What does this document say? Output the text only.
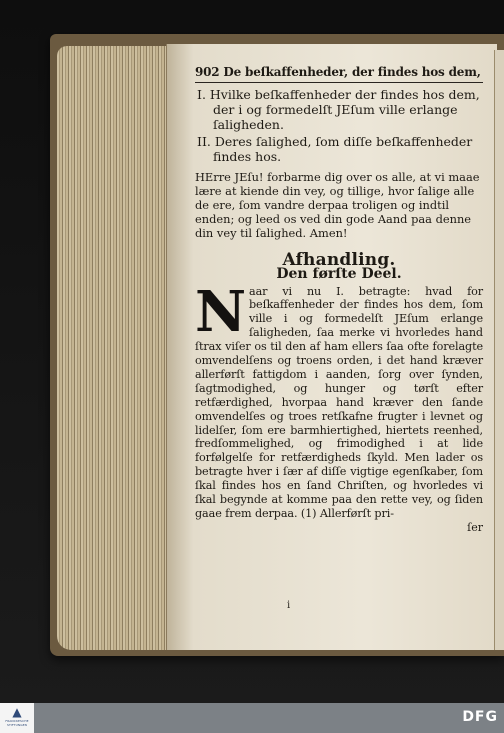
902 De beſkaffenheder, der findes hos dem,

I. Hvilke beſkaffenheder der findes hos dem, der i og formedelſt JEſum ville erlange ſaligheden.

II. Deres ſalighed, ſom diſſe beſkaffenheder findes hos.

HErre JEſu! forbarme dig over os alle, at vi maae lære at kiende din vey, og tillige, hvor ſalige alle de ere, ſom vandre derpaa troligen og indtil enden; og leed os ved din gode Aand paa denne din vey til ſalighed. Amen!

Afhandling.
Den førſte Deel.
Naar vi nu I. betragte: hvad for beſkaffenheder der findes hos dem, ſom ville i og formedelſt JEſum erlange ſaligheden, ſaa merke vi hvorledes hand ſtrax viſer os til den af ham ellers ſaa ofte forelagte omvendelſens og troens orden, i det hand kræver allerførſt fattigdom i aanden, ſorg over ſynden, ſagtmodighed, og hunger og tørſt efter retfærdighed, hvorpaa hand kræver den ſande omvendelſes og troes retſkafne frugter i levnet og lidelſer, ſom ere barmhiertighed, hiertets reenhed, fredſommelighed, og frimodighed i at lide forfølgelſe for retfærdigheds ſkyld. Men lader os betragte hver i ſær af diſſe vigtige egenſkaber, ſom ſkal findes hos en ſand Chriſten, og hvorledes vi ſkal begynde at komme paa den rette vey, og ſiden gaae frem derpaa. (1) Allerførſt pri-
ſer
i
▲
FRANCKESCHE STIFTUNGEN	DFG
